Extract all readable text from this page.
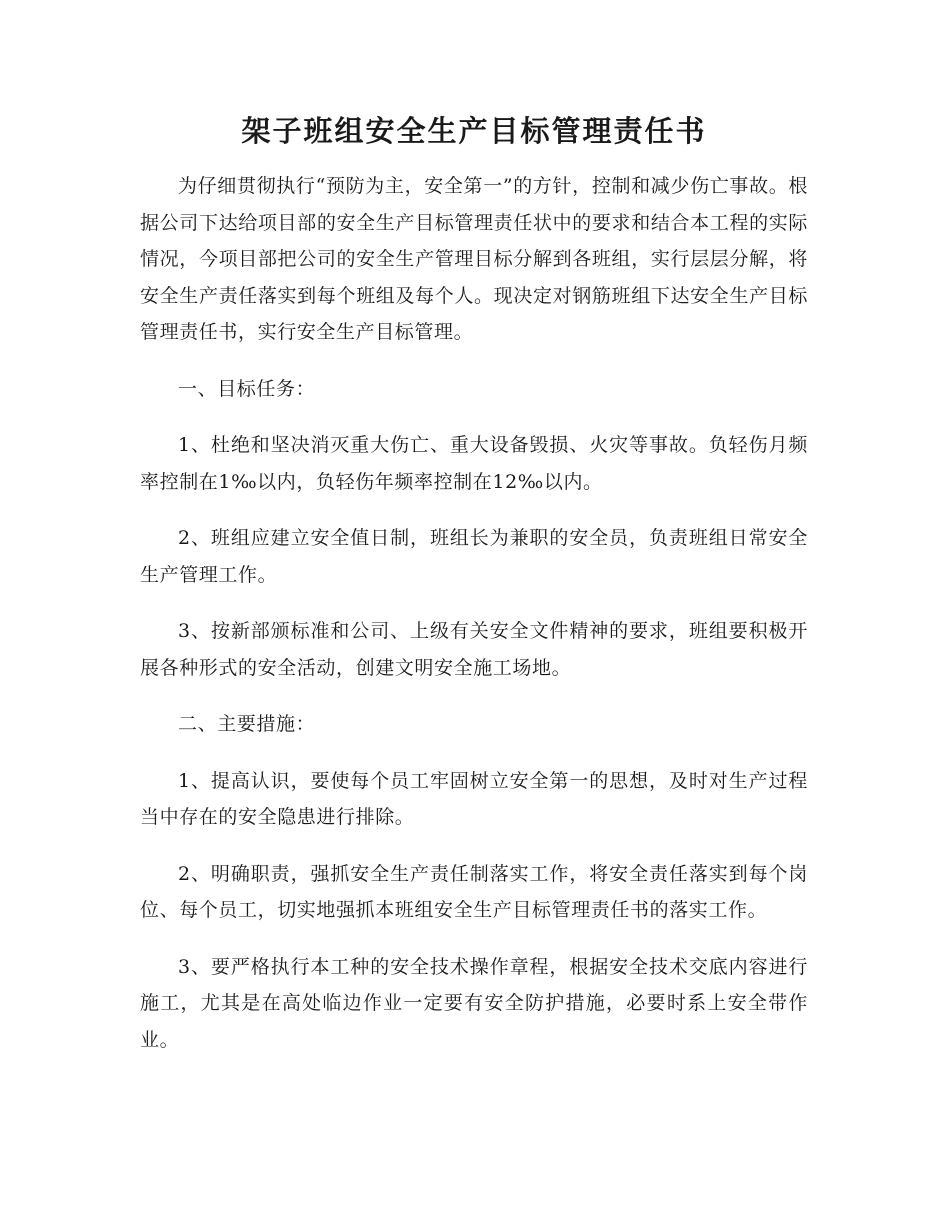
架子班组安全生产目标管理责任书

为仔细贯彻执行“预防为主，安全第一”的方针，控制和减少伤亡事故。根据公司下达给项目部的安全生产目标管理责任状中的要求和结合本工程的实际情况，今项目部把公司的安全生产管理目标分解到各班组，实行层层分解，将安全生产责任落实到每个班组及每个人。现决定对钢筋班组下达安全生产目标管理责任书，实行安全生产目标管理。

一、目标任务：

1、杜绝和坚决消灭重大伤亡、重大设备毁损、火灾等事故。负轻伤月频率控制在1‰以内，负轻伤年频率控制在12‰以内。

2、班组应建立安全值日制，班组长为兼职的安全员，负责班组日常安全生产管理工作。

3、按新部颁标准和公司、上级有关安全文件精神的要求，班组要积极开展各种形式的安全活动，创建文明安全施工场地。

二、主要措施：

1、提高认识，要使每个员工牢固树立安全第一的思想，及时对生产过程当中存在的安全隐患进行排除。

2、明确职责，强抓安全生产责任制落实工作，将安全责任落实到每个岗位、每个员工，切实地强抓本班组安全生产目标管理责任书的落实工作。

3、要严格执行本工种的安全技术操作章程，根据安全技术交底内容进行施工，尤其是在高处临边作业一定要有安全防护措施，必要时系上安全带作业。
